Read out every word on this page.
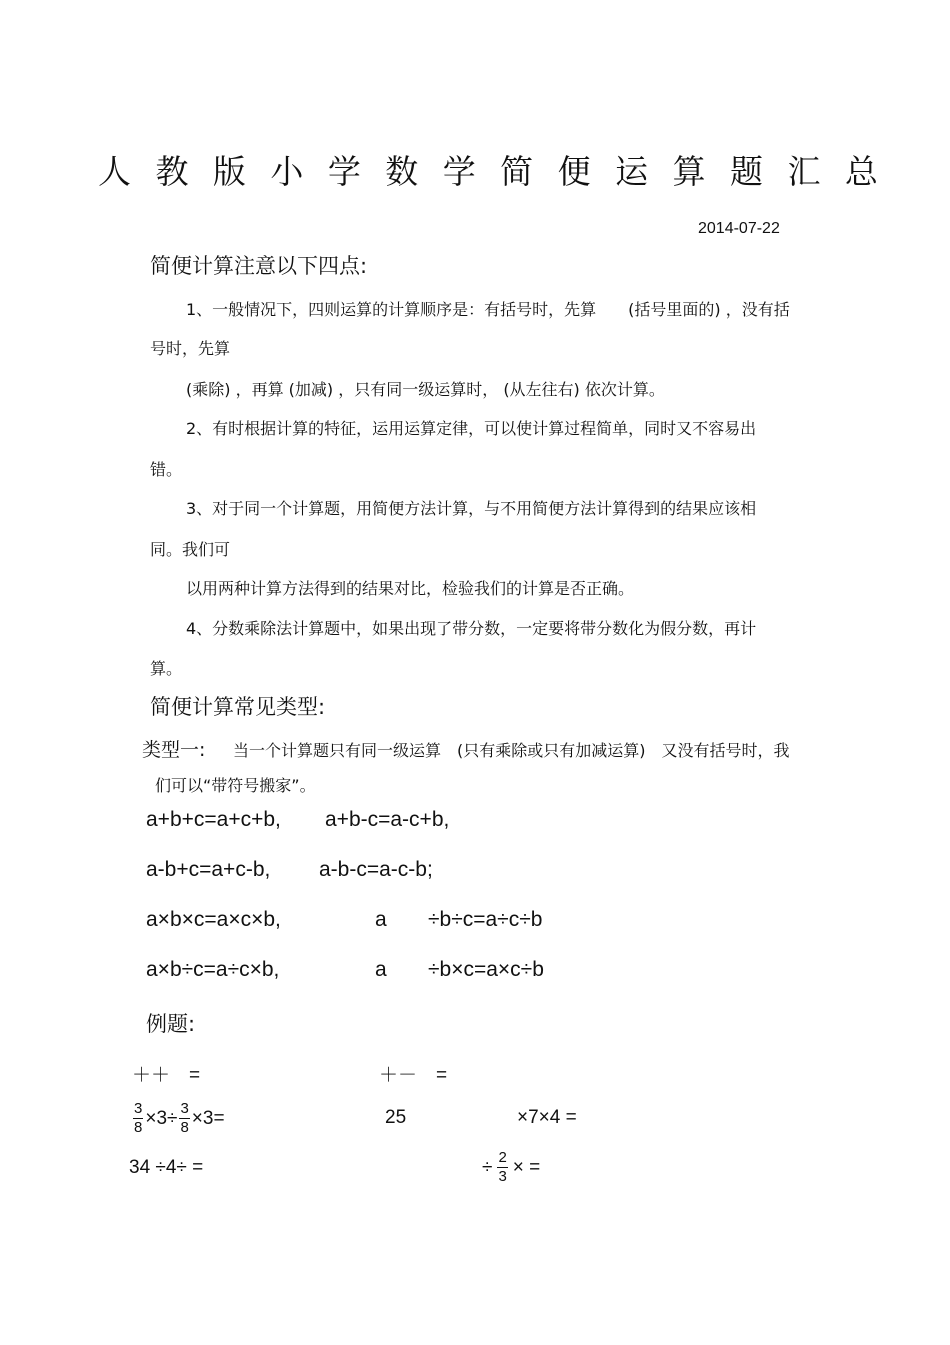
人 教 版 小 学 数 学 简 便 运 算 题 汇 总
2014-07-22
简便计算注意以下四点:
1、一般情况下，四则运算的计算顺序是：有括号时，先算　　(括号里面的) ，没有括
号时，先算
(乘除) ，再算 (加减) ，只有同一级运算时， (从左往右) 依次计算。
2、有时根据计算的特征，运用运算定律，可以使计算过程简单，同时又不容易出
错。
3、对于同一个计算题，用简便方法计算，与不用简便方法计算得到的结果应该相
同。我们可
以用两种计算方法得到的结果对比，检验我们的计算是否正确。
4、分数乘除法计算题中，如果出现了带分数，一定要将带分数化为假分数，再计
算。
简便计算常见类型:
类型一: 当一个计算题只有同一级运算　(只有乘除或只有加减运算)　又没有括号时，我
们可以“带符号搬家”。
a+b+c=a+c+b, a+b-c=a-c+b,
a-b+c=a+c-b, a-b-c=a-c-b;
a×b×c=a×c×b,	a ÷b÷c=a÷c÷b
a×b÷c=a÷c×b,	a ÷b×c=a×c÷b
例题:
＋＋　=	＋－　=
$\frac{3}{8} \times 3\div \frac{3}{8} \times 3=$	25	×7×4 =
34 ÷4÷ =	÷ $\frac{2}{3}$ × =
